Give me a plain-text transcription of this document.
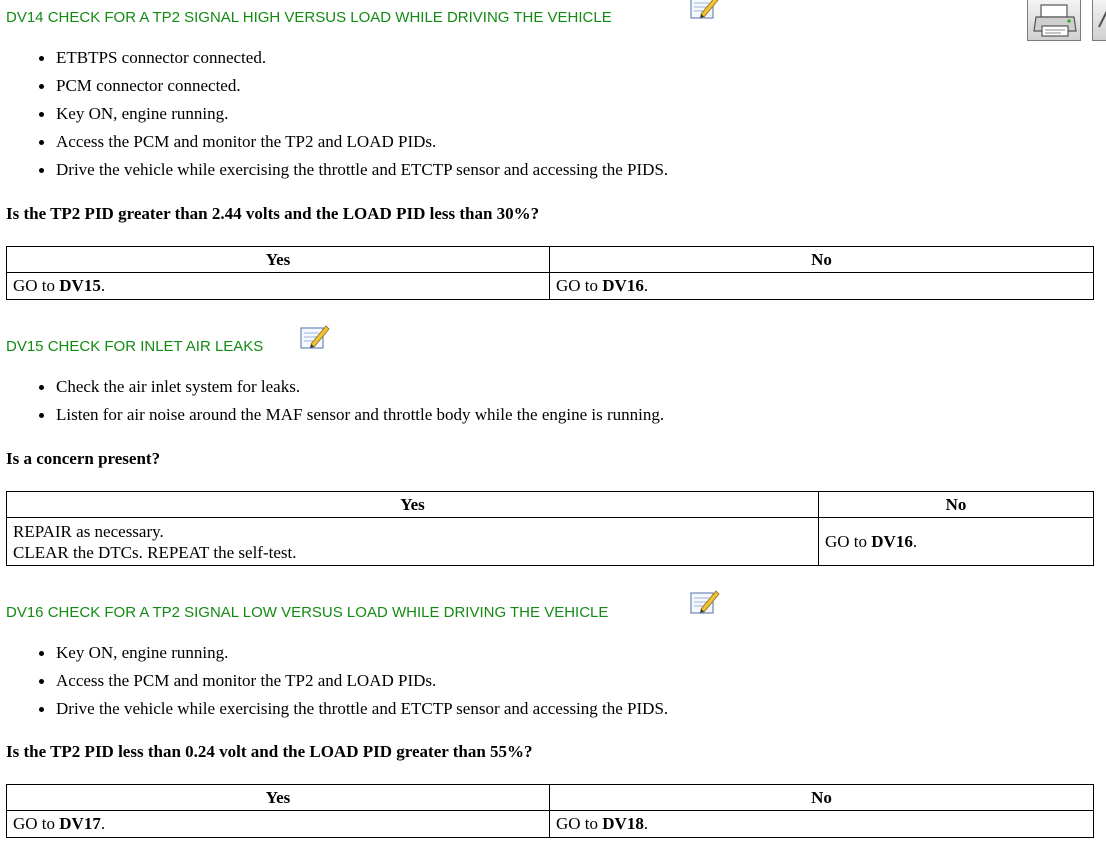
DV14 CHECK FOR A TP2 SIGNAL HIGH VERSUS LOAD WHILE DRIVING THE VEHICLE
ETBTPS connector connected.
PCM connector connected.
Key ON, engine running.
Access the PCM and monitor the TP2 and LOAD PIDs.
Drive the vehicle while exercising the throttle and ETCTP sensor and accessing the PIDS.
Is the TP2 PID greater than 2.44 volts and the LOAD PID less than 30%?
Yes	No
GO to DV15.	GO to DV16.
DV15 CHECK FOR INLET AIR LEAKS
Check the air inlet system for leaks.
Listen for air noise around the MAF sensor and throttle body while the engine is running.
Is a concern present?
Yes	No

REPAIR as necessary.
CLEAR the DTCs. REPEAT the self-test.	GO to DV16.
DV16 CHECK FOR A TP2 SIGNAL LOW VERSUS LOAD WHILE DRIVING THE VEHICLE
Key ON, engine running.
Access the PCM and monitor the TP2 and LOAD PIDs.
Drive the vehicle while exercising the throttle and ETCTP sensor and accessing the PIDS.
Is the TP2 PID less than 0.24 volt and the LOAD PID greater than 55%?
Yes	No
GO to DV17.	GO to DV18.
